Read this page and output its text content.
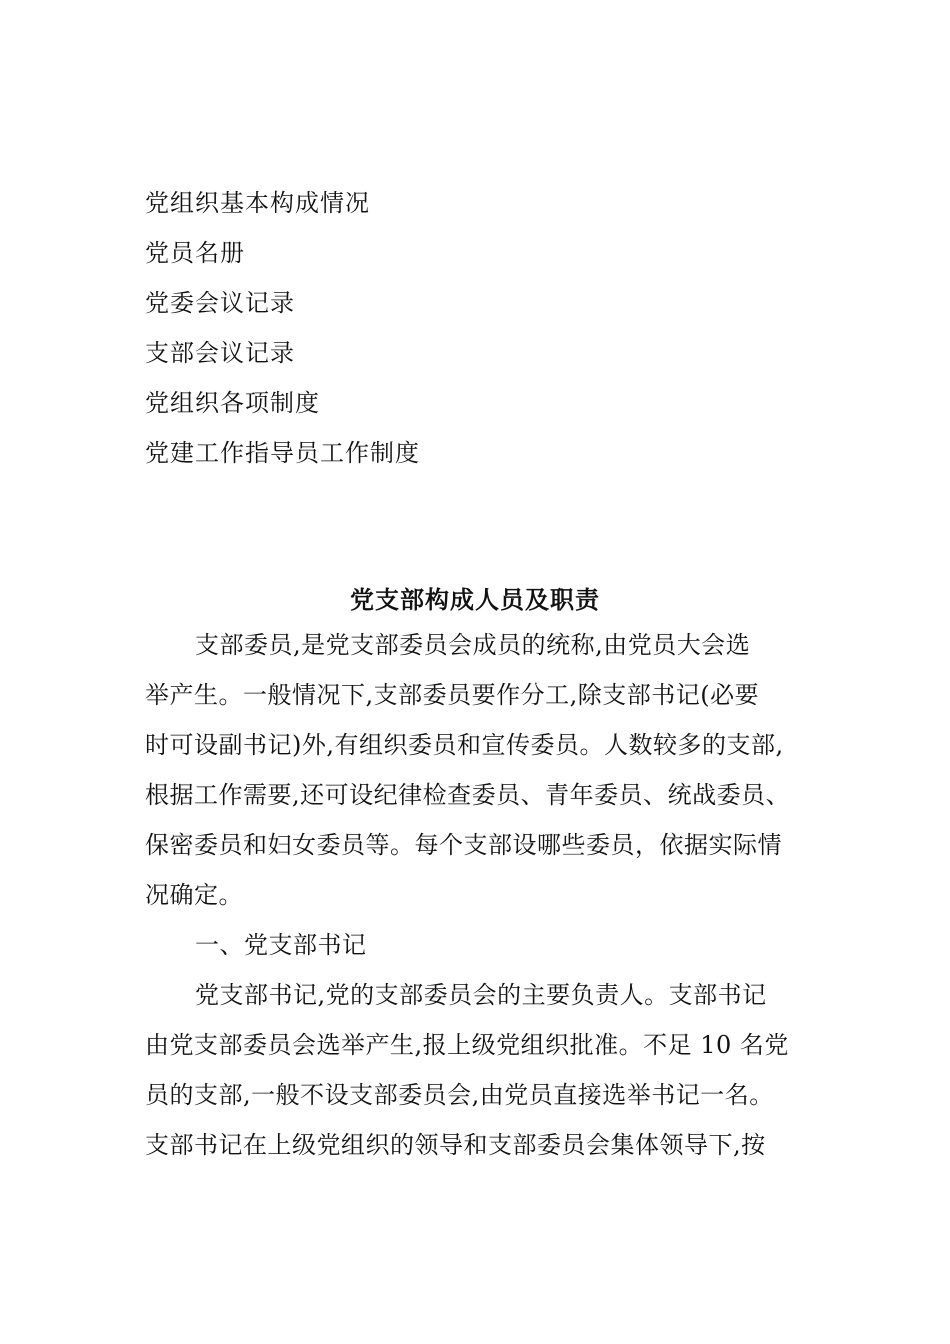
党组织基本构成情况
党员名册
党委会议记录
支部会议记录
党组织各项制度
党建工作指导员工作制度
党支部构成人员及职责
支部委员,是党支部委员会成员的统称,由党员大会选
举产生。一般情况下,支部委员要作分工,除支部书记(必要
时可设副书记)外,有组织委员和宣传委员。人数较多的支部,
根据工作需要,还可设纪律检查委员、青年委员、统战委员、
保密委员和妇女委员等。每个支部设哪些委员，依据实际情
况确定。
一、党支部书记
党支部书记,党的支部委员会的主要负责人。支部书记
由党支部委员会选举产生,报上级党组织批准。不足 10 名党
员的支部,一般不设支部委员会,由党员直接选举书记一名。
支部书记在上级党组织的领导和支部委员会集体领导下,按
